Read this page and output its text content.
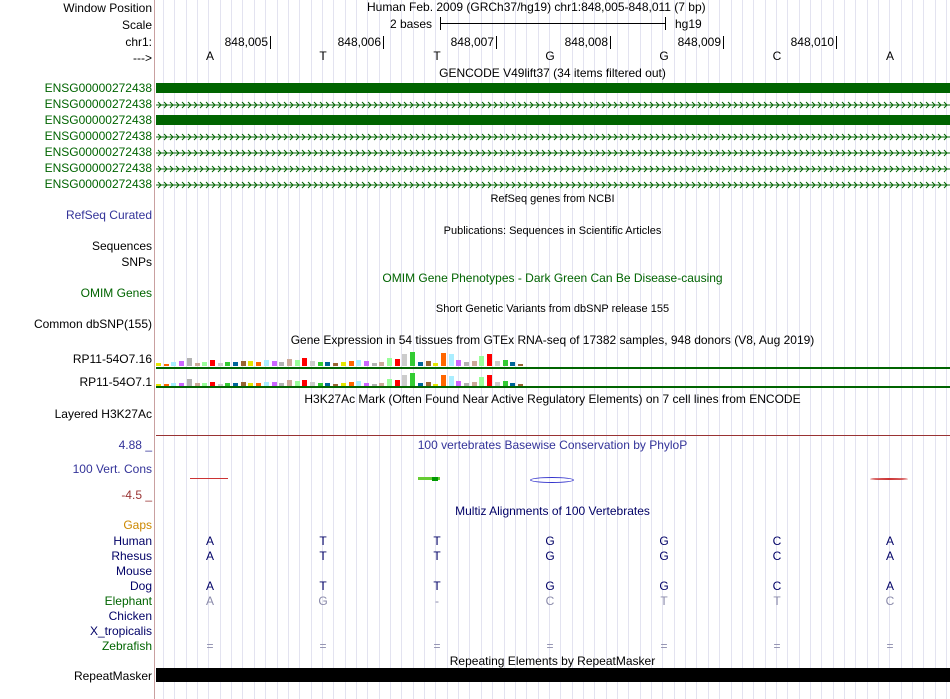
Window Position
Scale
chr1:
--->
Human Feb. 2009 (GRCh37/hg19) chr1:848,005-848,011 (7 bp)
2 bases	hg19
848,005	848,006	848,007	848,008	848,009	848,010
A	T	T	G	G	C	A
GENCODE V49lift37 (34 items filtered out)
ENSG00000272438
ENSG00000272438
ENSG00000272438
ENSG00000272438
ENSG00000272438
ENSG00000272438
ENSG00000272438
RefSeq genes from NCBI
RefSeq Curated
Publications: Sequences in Scientific Articles
Sequences
SNPs
OMIM Gene Phenotypes - Dark Green Can Be Disease-causing
OMIM Genes
Short Genetic Variants from dbSNP release 155
Common dbSNP(155)
Gene Expression in 54 tissues from GTEx RNA-seq of 17382 samples, 948 donors (V8, Aug 2019)
RP11-54O7.16
RP11-54O7.1
H3K27Ac Mark (Often Found Near Active Regulatory Elements) on 7 cell lines from ENCODE
Layered H3K27Ac
100 vertebrates Basewise Conservation by PhyloP
4.88 _
100 Vert. Cons
-4.5 _
Multiz Alignments of 100 Vertebrates
Gaps
Human	A	T	T	G	G	C	A
Rhesus	A	T	T	G	G	C	A
Mouse
Dog	A	T	T	G	G	C	A
Elephant	A	G	-	C	T	T	C
Chicken
X_tropicalis
Zebrafish	=	=	=	=	=	=	=
Repeating Elements by RepeatMasker
RepeatMasker
